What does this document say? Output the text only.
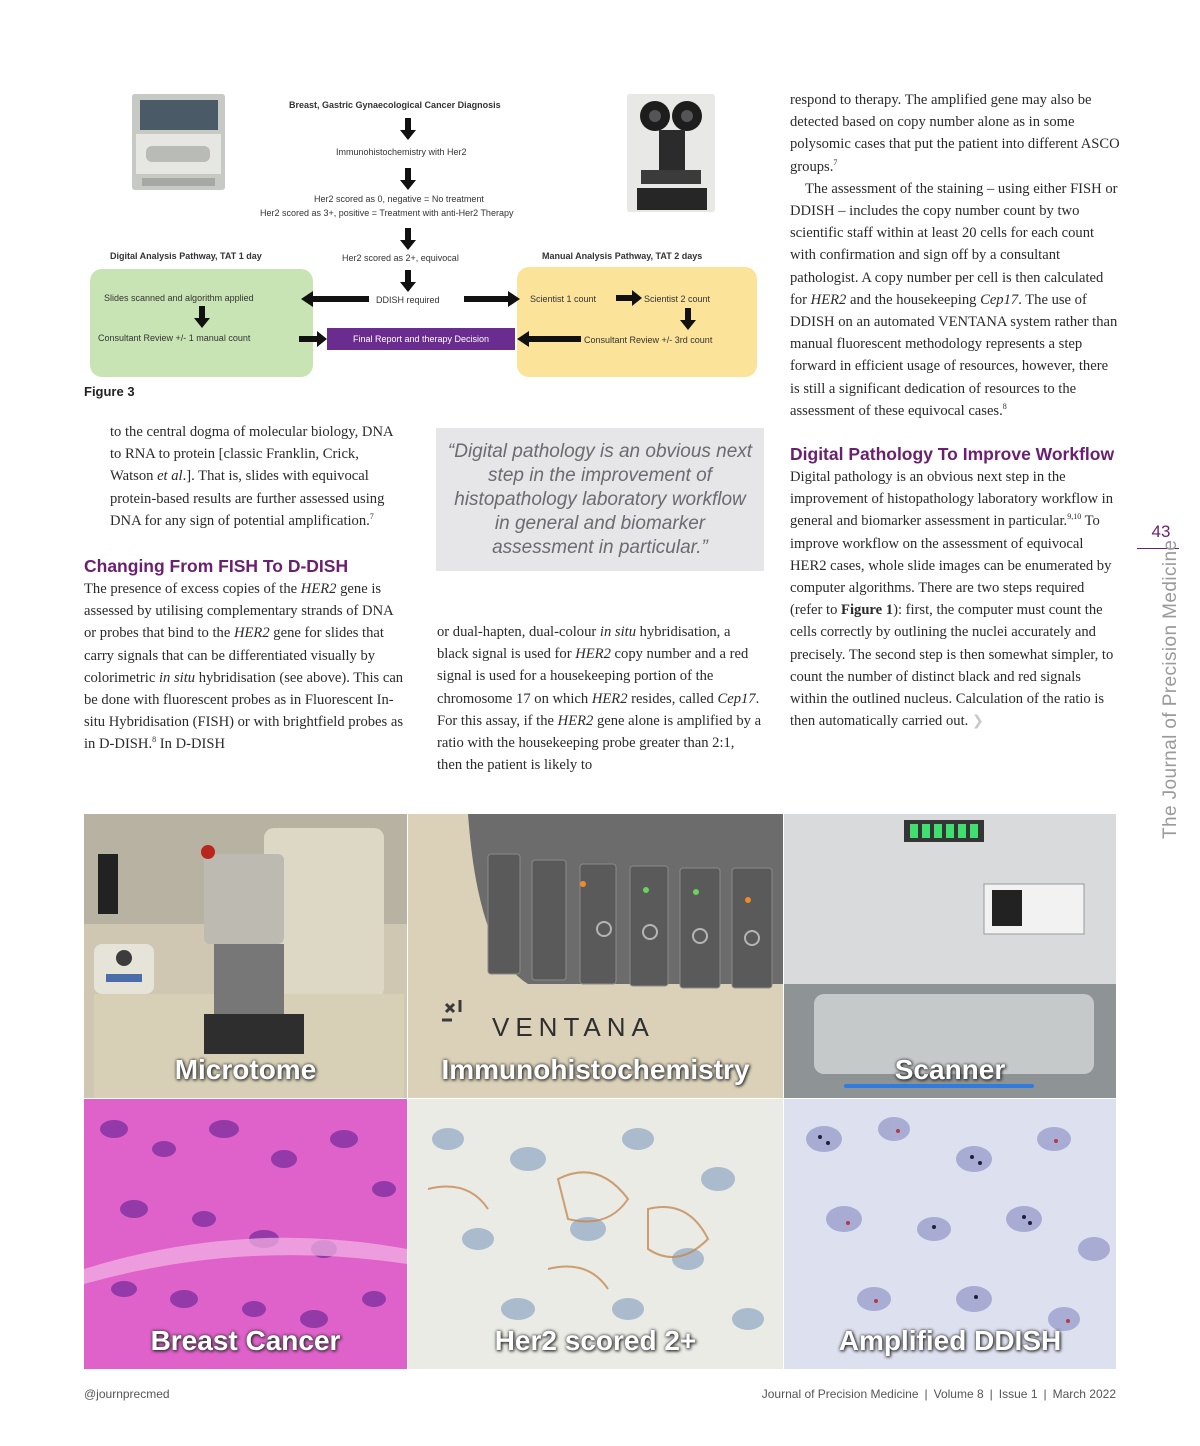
Breast, Gastric Gynaecological Cancer Diagnosis
Immunohistochemistry with Her2
Her2 scored as 0, negative = No treatment
Her2 scored as 3+, positive = Treatment with anti-Her2 Therapy
Her2 scored as 2+, equivocal
Digital Analysis Pathway, TAT 1 day	Manual Analysis Pathway, TAT 2 days
Slides scanned and algorithm applied
Consultant Review +/- 1 manual count
DDISH required	Scientist 1 count	Scientist 2 count
Consultant Review +/- 3rd count
Final Report and therapy Decision
Figure 3

to the central dogma of molecular biology, DNA to RNA to protein [classic Franklin, Crick, Watson et al.]. That is, slides with equivocal protein-based results are further assessed using DNA for any sign of potential amplification.$^7$

Changing From FISH To D-DISH

The presence of excess copies of the HER2 gene is assessed by utilising complementary strands of DNA or probes that bind to the HER2 gene for slides that carry signals that can be differentiated visually by colorimetric in situ hybridisation (see above). This can be done with fluorescent probes as in Fluorescent In-situ Hybridisation (FISH) or with brightfield probes as in D-DISH.$^8$ In D-DISH

“Digital pathology is an obvious next step in the improvement of histopathology laboratory workflow in general and biomarker assessment in particular.”

or dual-hapten, dual-colour in situ hybridisation, a black signal is used for HER2 copy number and a red signal is used for a housekeeping portion of the chromosome 17 on which HER2 resides, called Cep17. For this assay, if the HER2 gene alone is amplified by a ratio with the housekeeping probe greater than 2:1, then the patient is likely to

respond to therapy. The amplified gene may also be detected based on copy number alone as in some polysomic cases that put the patient into different ASCO groups.$^7$

The assessment of the staining – using either FISH or DDISH – includes the copy number count by two scientific staff within at least 20 cells for each count with confirmation and sign off by a consultant pathologist. A copy number per cell is then calculated for HER2 and the housekeeping Cep17. The use of DDISH on an automated VENTANA system rather than manual fluorescent methodology represents a step forward in efficient usage of resources, however, there is still a significant dedication of resources to the assessment of these equivocal cases.$^8$

Digital Pathology To Improve Workflow

Digital pathology is an obvious next step in the improvement of histopathology laboratory workflow in general and biomarker assessment in particular.$^{9,10}$ To improve workflow on the assessment of equivocal HER2 cases, whole slide images can be enumerated by computer algorithms. There are two steps required (refer to Figure 1): first, the computer must count the cells correctly by outlining the nuclei accurately and precisely. The second step is then somewhat simpler, to count the number of distinct black and red signals within the outlined nucleus. Calculation of the ratio is then automatically carried out. ❯

43
The Journal of Precision Medicine
Microtome
VENTANA
Immunohistochemistry	Scanner
Breast Cancer	Her2 scored 2+	Amplified DDISH
@journprecmed	Journal of Precision Medicine | Volume 8 | Issue 1 | March 2022
